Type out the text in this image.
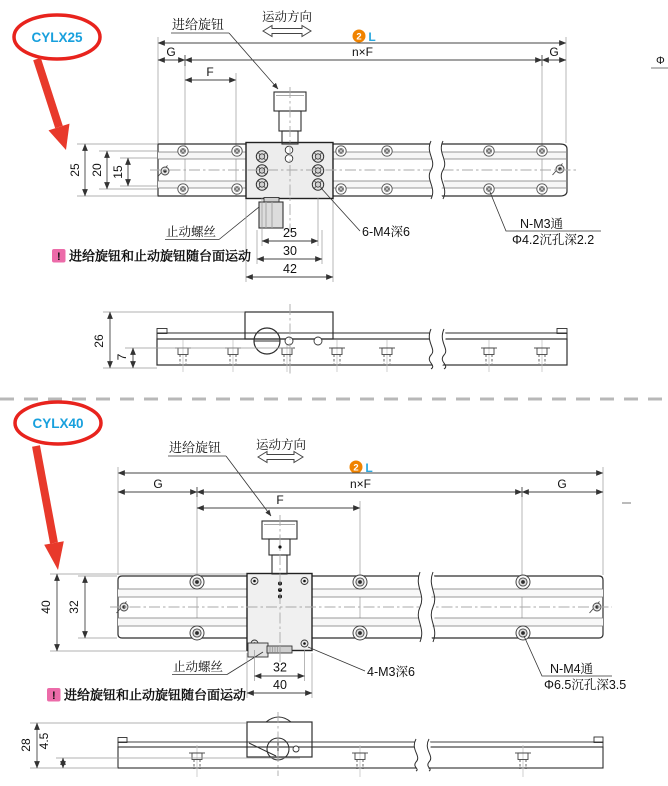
CYLX25
进给旋钮	运动方向
2 L
G	n×F	G
F
25 20 15
止动螺丝	25
30
42
6-M4深6
N-M3通
Φ4.2沉孔深2.2
! 进给旋钮和止动旋钮随台面运动
26
7
Φ
CYLX40
进给旋钮	运动方向
2 L
G	n×F	G
F
40 32
止动螺丝	32
40
4-M3深6	N-M4通
Φ6.5沉孔深3.5
! 进给旋钮和止动旋钮随台面运动
28 4.5
